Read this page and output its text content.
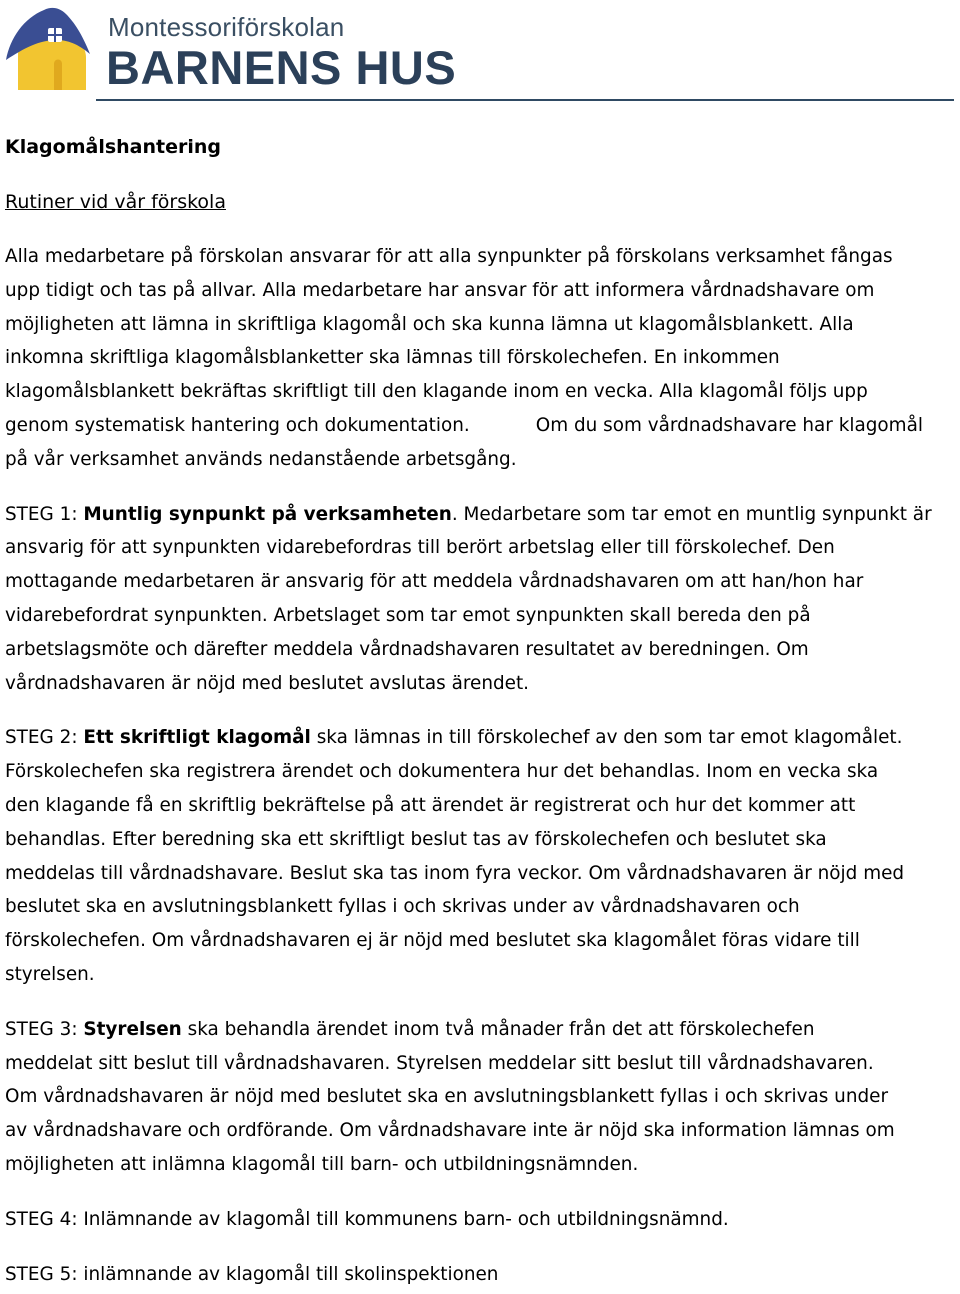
Montessoriförskolan
BARNENS HUS
Klagomålshantering
Rutiner vid vår förskola
Alla medarbetare på förskolan ansvarar för att alla synpunkter på förskolans verksamhet fångas
upp tidigt och tas på allvar. Alla medarbetare har ansvar för att informera vårdnadshavare om
möjligheten att lämna in skriftliga klagomål och ska kunna lämna ut klagomålsblankett. Alla
inkomna skriftliga klagomålsblanketter ska lämnas till förskolechefen. En inkommen
klagomålsblankett bekräftas skriftligt till den klagande inom en vecka. Alla klagomål följs upp
genom systematisk hantering och dokumentation.	Om du som vårdnadshavare har klagomål
på vår verksamhet används nedanstående arbetsgång.
STEG 1: Muntlig synpunkt på verksamheten. Medarbetare som tar emot en muntlig synpunkt är
ansvarig för att synpunkten vidarebefordras till berört arbetslag eller till förskolechef. Den
mottagande medarbetaren är ansvarig för att meddela vårdnadshavaren om att han/hon har
vidarebefordrat synpunkten. Arbetslaget som tar emot synpunkten skall bereda den på
arbetslagsmöte och därefter meddela vårdnadshavaren resultatet av beredningen. Om
vårdnadshavaren är nöjd med beslutet avslutas ärendet.
STEG 2: Ett skriftligt klagomål ska lämnas in till förskolechef av den som tar emot klagomålet.
Förskolechefen ska registrera ärendet och dokumentera hur det behandlas. Inom en vecka ska
den klagande få en skriftlig bekräftelse på att ärendet är registrerat och hur det kommer att
behandlas. Efter beredning ska ett skriftligt beslut tas av förskolechefen och beslutet ska
meddelas till vårdnadshavare. Beslut ska tas inom fyra veckor. Om vårdnadshavaren är nöjd med
beslutet ska en avslutningsblankett fyllas i och skrivas under av vårdnadshavaren och
förskolechefen. Om vårdnadshavaren ej är nöjd med beslutet ska klagomålet föras vidare till
styrelsen.
STEG 3: Styrelsen ska behandla ärendet inom två månader från det att förskolechefen
meddelat sitt beslut till vårdnadshavaren. Styrelsen meddelar sitt beslut till vårdnadshavaren.
Om vårdnadshavaren är nöjd med beslutet ska en avslutningsblankett fyllas i och skrivas under
av vårdnadshavare och ordförande. Om vårdnadshavare inte är nöjd ska information lämnas om
möjligheten att inlämna klagomål till barn- och utbildningsnämnden.
STEG 4: Inlämnande av klagomål till kommunens barn- och utbildningsnämnd.
STEG 5: inlämnande av klagomål till skolinspektionen
